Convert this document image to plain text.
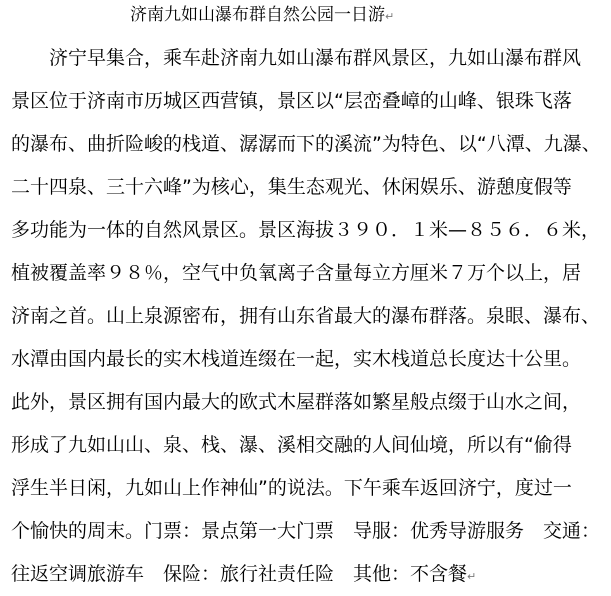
济南九如山瀑布群自然公园一日游↵
　　济宁早集合，乘车赴济南九如山瀑布群风景区，九如山瀑布群风
景区位于济南市历城区西营镇，景区以“层峦叠嶂的山峰、银珠飞落
的瀑布、曲折险峻的栈道、潺潺而下的溪流”为特色、以“八潭、九瀑、
二十四泉、三十六峰”为核心，集生态观光、休闲娱乐、游憩度假等
多功能为一体的自然风景区。景区海拔３９０．１米—８５６．６米，
植被覆盖率９８％，空气中负氧离子含量每立方厘米７万个以上，居
济南之首。山上泉源密布，拥有山东省最大的瀑布群落。泉眼、瀑布、
水潭由国内最长的实木栈道连缀在一起，实木栈道总长度达十公里。
此外，景区拥有国内最大的欧式木屋群落如繁星般点缀于山水之间，
形成了九如山山、泉、栈、瀑、溪相交融的人间仙境，所以有“偷得
浮生半日闲，九如山上作神仙”的说法。下午乘车返回济宁，度过一
个愉快的周末。门票：景点第一大门票　导服：优秀导游服务　交通：
往返空调旅游车　保险：旅行社责任险　其他：不含餐↵
